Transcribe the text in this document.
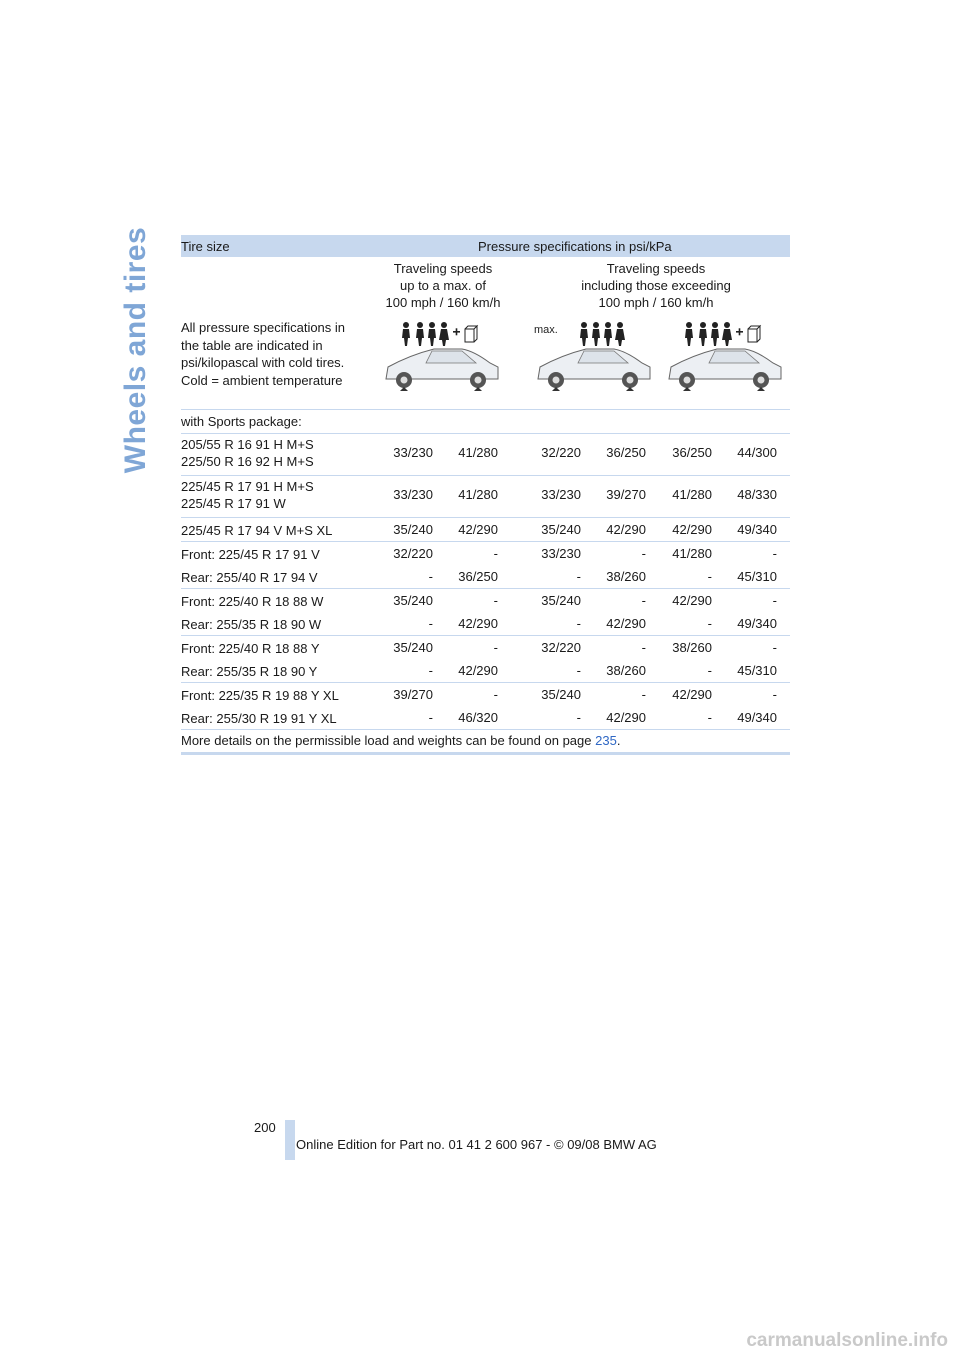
Wheels and tires Tire size	Pressure specifications in psi/kPa
Traveling speeds
up to a max. of
100 mph / 160 km/h
Traveling speeds
including those exceeding
100 mph / 160 km/h
All pressure specifications in
the table are indicated in
psi/kilopascal with cold tires.
Cold = ambient temperature
max.
with Sports package:
205/55 R 16 91 H M+S
225/50 R 16 92 H M+S
33/230	41/280	32/220	36/250	36/250	44/300
225/45 R 17 91 H M+S
225/45 R 17 91 W
33/230	41/280	33/230	39/270	41/280	48/330
225/45 R 17 94 V M+S XL	35/240	42/290	35/240	42/290	42/290	49/340
Front: 225/45 R 17 91 V	32/220	-	33/230	-	41/280	-
Rear: 255/40 R 17 94 V	-	36/250	-	38/260	-	45/310
Front: 225/40 R 18 88 W	35/240	-	35/240	-	42/290	-
Rear: 255/35 R 18 90 W	-	42/290	-	42/290	-	49/340
Front: 225/40 R 18 88 Y	35/240	-	32/220	-	38/260	-
Rear: 255/35 R 18 90 Y	-	42/290	-	38/260	-	45/310
Front: 225/35 R 19 88 Y XL	39/270	-	35/240	-	42/290	-
Rear: 255/30 R 19 91 Y XL	-	46/320	-	42/290	-	49/340
More details on the permissible load and weights can be found on page 235.
200
Online Edition for Part no. 01 41 2 600 967 - © 09/08 BMW AG
carmanualsonline.info
